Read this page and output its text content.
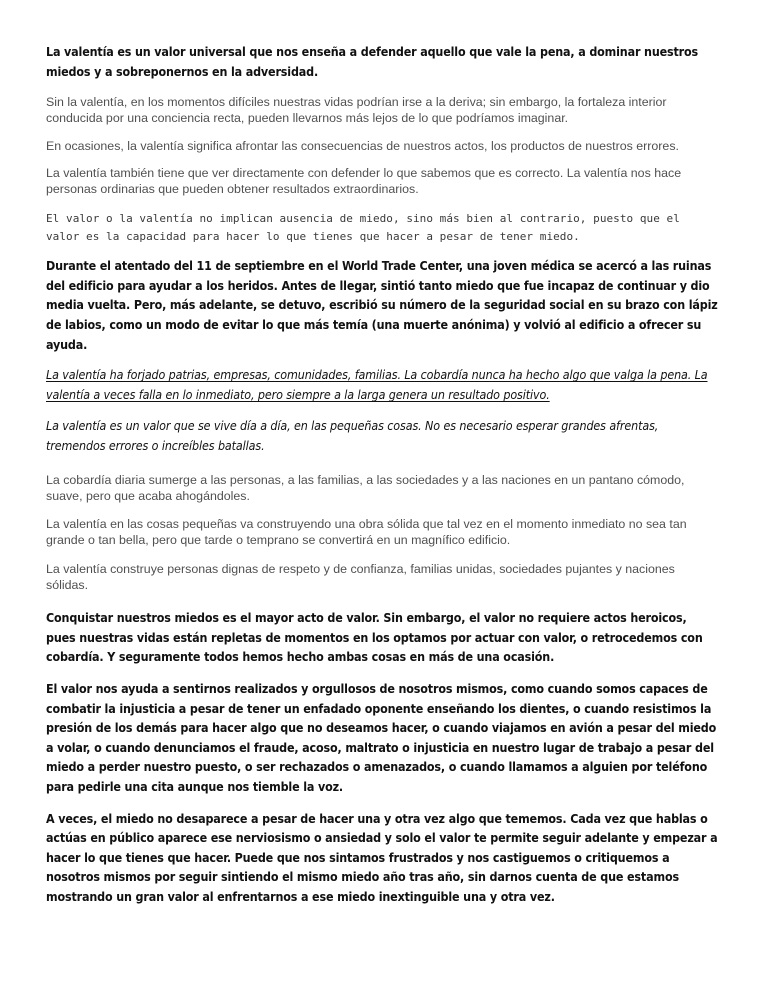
La valentía es un valor universal que nos enseña a defender aquello que vale la pena, a dominar nuestros miedos y a sobreponernos en la adversidad.

Sin la valentía, en los momentos difíciles nuestras vidas podrían irse a la deriva; sin embargo, la fortaleza interior conducida por una conciencia recta, pueden llevarnos más lejos de lo que podríamos imaginar.

En ocasiones, la valentía significa afrontar las consecuencias de nuestros actos, los productos de nuestros errores.

La valentía también tiene que ver directamente con defender lo que sabemos que es correcto. La valentía nos hace personas ordinarias que pueden obtener resultados extraordinarios.

El valor o la valentía no implican ausencia de miedo, sino más bien al contrario, puesto que el valor es la capacidad para hacer lo que tienes que hacer a pesar de tener miedo.

Durante el atentado del 11 de septiembre en el World Trade Center, una joven médica se acercó a las ruinas del edificio para ayudar a los heridos. Antes de llegar, sintió tanto miedo que fue incapaz de continuar y dio media vuelta. Pero, más adelante, se detuvo, escribió su número de la seguridad social en su brazo con lápiz de labios, como un modo de evitar lo que más temía (una muerte anónima) y volvió al edificio a ofrecer su ayuda.

La valentía ha forjado patrias, empresas, comunidades, familias. La cobardía nunca ha hecho algo que valga la pena. La valentía a veces falla en lo inmediato, pero siempre a la larga genera un resultado positivo.

La valentía es un valor que se vive día a día, en las pequeñas cosas. No es necesario esperar grandes afrentas, tremendos errores o increíbles batallas.

La cobardía diaria sumerge a las personas, a las familias, a las sociedades y a las naciones en un pantano cómodo, suave, pero que acaba ahogándoles.

La valentía en las cosas pequeñas va construyendo una obra sólida que tal vez en el momento inmediato no sea tan grande o tan bella, pero que tarde o temprano se convertirá en un magnífico edificio.

La valentía construye personas dignas de respeto y de confianza, familias unidas, sociedades pujantes y naciones sólidas.

Conquistar nuestros miedos es el mayor acto de valor. Sin embargo, el valor no requiere actos heroicos, pues nuestras vidas están repletas de momentos en los optamos por actuar con valor, o retrocedemos con cobardía. Y seguramente todos hemos hecho ambas cosas en más de una ocasión.

El valor nos ayuda a sentirnos realizados y orgullosos de nosotros mismos, como cuando somos capaces de combatir la injusticia a pesar de tener un enfadado oponente enseñando los dientes, o cuando resistimos la presión de los demás para hacer algo que no deseamos hacer, o cuando viajamos en avión a pesar del miedo a volar, o cuando denunciamos el fraude, acoso, maltrato o injusticia en nuestro lugar de trabajo a pesar del miedo a perder nuestro puesto, o ser rechazados o amenazados, o cuando llamamos a alguien por teléfono para pedirle una cita aunque nos tiemble la voz.

A veces, el miedo no desaparece a pesar de hacer una y otra vez algo que tememos. Cada vez que hablas o actúas en público aparece ese nerviosismo o ansiedad y solo el valor te permite seguir adelante y empezar a hacer lo que tienes que hacer. Puede que nos sintamos frustrados y nos castiguemos o critiquemos a nosotros mismos por seguir sintiendo el mismo miedo año tras año, sin darnos cuenta de que estamos mostrando un gran valor al enfrentarnos a ese miedo inextinguible una y otra vez.
